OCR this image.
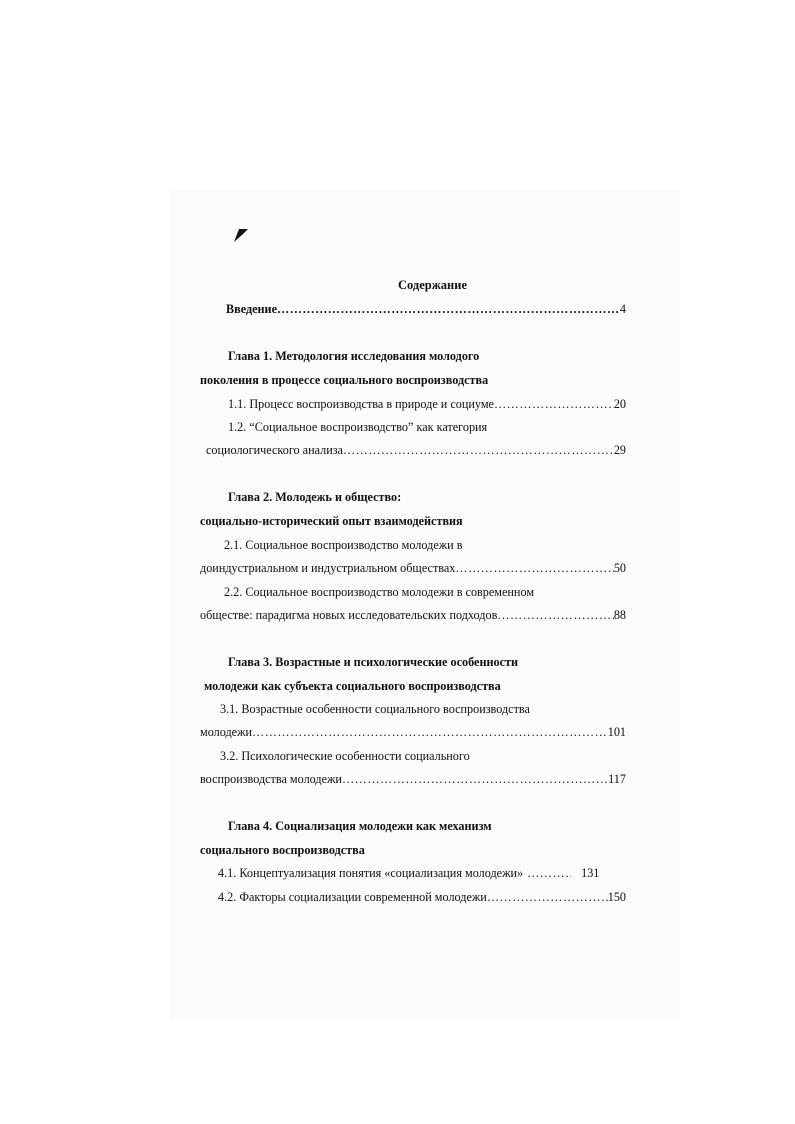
Содержание
Введение ………………………………………………………………………………………………………………………………	4
Глава 1. Методология исследования молодого
поколения в процессе социального воспроизводства
1.1. Процесс воспроизводства в природе и социуме ………………………………………………………………………………………………………………………………	20
1.2. “Социальное воспроизводство” как категория
социологического анализа ………………………………………………………………………………………………………………………………	29
Глава 2. Молодежь и общество:
социально-исторический опыт взаимодействия
2.1. Социальное воспроизводство молодежи в
доиндустриальном и индустриальном обществах ………………………………………………………………………………………………………………………………	50
2.2. Социальное воспроизводство молодежи в современном
обществе: парадигма новых исследовательских подходов ………………………………………………………………………………………………………………………………	88
Глава 3. Возрастные и психологические особенности
молодежи как субъекта социального воспроизводства
3.1. Возрастные особенности социального воспроизводства
молодежи ………………………………………………………………………………………………………………………………	101
3.2. Психологические особенности социального
воспроизводства молодежи ………………………………………………………………………………………………………………………………	117
Глава 4. Социализация молодежи как механизм
социального воспроизводства
4.1. Концептуализация понятия «социализация молодежи» ………………………………………………………………………………………………………………………………	131
4.2. Факторы социализации современной молодежи ………………………………………………………………………………………………………………………………	150
